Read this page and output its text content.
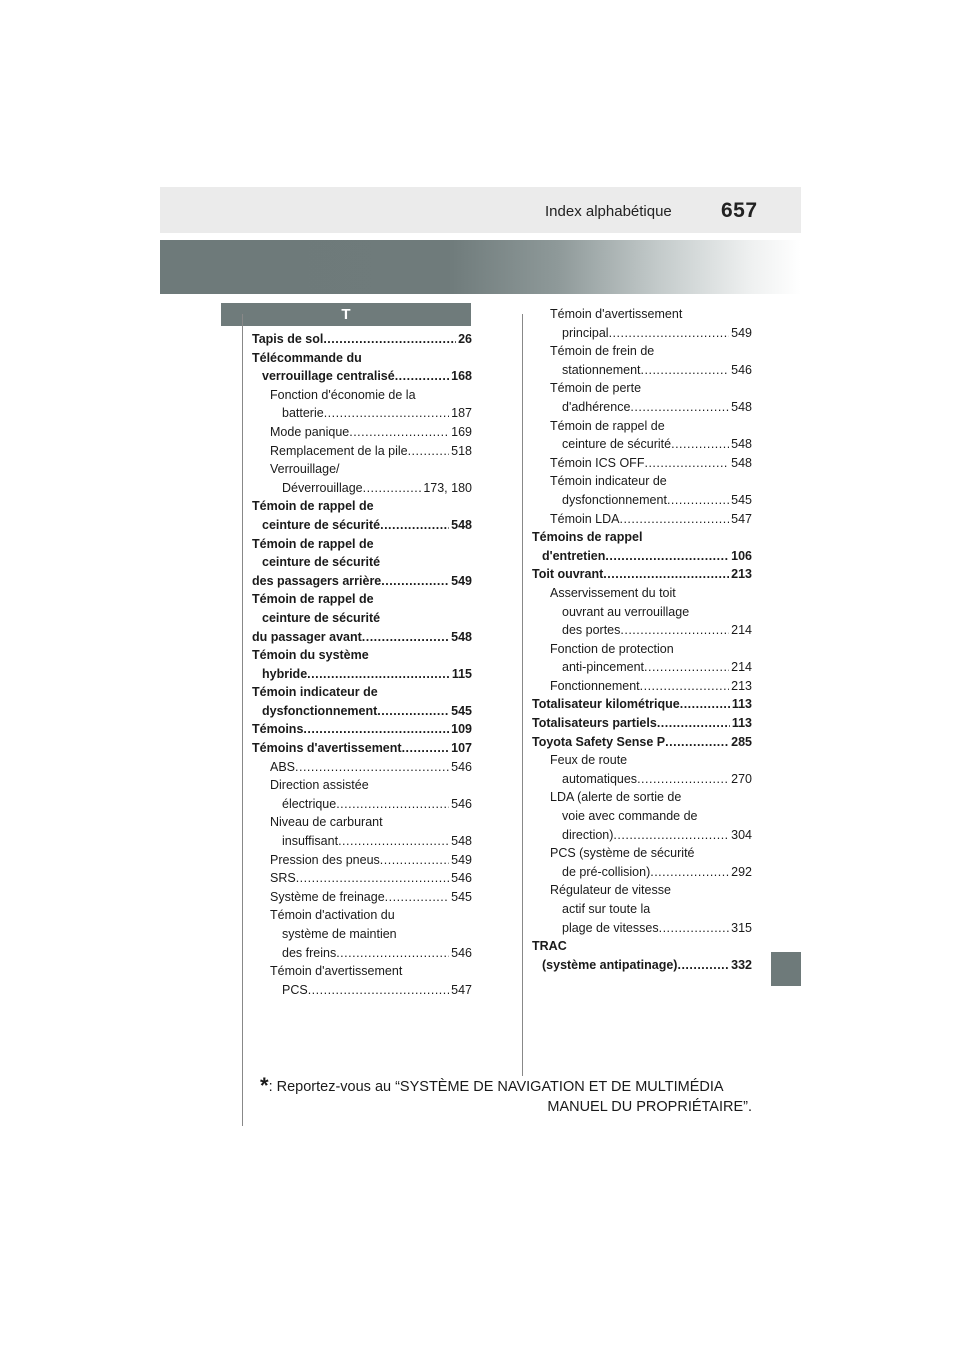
Index alphabétique 657
T
Tapis de sol .....	26
Télécommande du
verrouillage centralisé .....	168
Fonction d'économie de la
batterie .....	187
Mode panique .....	169
Remplacement de la pile .....	518
Verrouillage/
Déverrouillage .....	173, 180
Témoin de rappel de
ceinture de sécurité .....	548
Témoin de rappel de
ceinture de sécurité
des passagers arrière .....	549
Témoin de rappel de
ceinture de sécurité
du passager avant .....	548
Témoin du système
hybride .....	115
Témoin indicateur de
dysfonctionnement .....	545
Témoins .....	109
Témoins d'avertissement .....	107
ABS .....	546
Direction assistée
électrique .....	546
Niveau de carburant
insuffisant .....	548
Pression des pneus .....	549
SRS .....	546
Système de freinage .....	545
Témoin d'activation du
système de maintien
des freins .....	546
Témoin d'avertissement
PCS .....	547
Témoin d'avertissement
principal .....	549
Témoin de frein de
stationnement .....	546
Témoin de perte
d'adhérence .....	548
Témoin de rappel de
ceinture de sécurité .....	548
Témoin ICS OFF .....	548
Témoin indicateur de
dysfonctionnement .....	545
Témoin LDA .....	547
Témoins de rappel
d'entretien .....	106
Toit ouvrant .....	213
Asservissement du toit
ouvrant au verrouillage
des portes .....	214
Fonction de protection
anti-pincement .....	214
Fonctionnement .....	213
Totalisateur kilométrique .....	113
Totalisateurs partiels .....	113
Toyota Safety Sense P .....	285
Feux de route
automatiques .....	270
LDA (alerte de sortie de
voie avec commande de
direction) .....	304
PCS (système de sécurité
de pré-collision) .....	292
Régulateur de vitesse
actif sur toute la
plage de vitesses .....	315
TRAC
(système antipatinage) .....	332
*: Reportez-vous au “SYSTÈME DE NAVIGATION ET DE MULTIMÉDIA
MANUEL DU PROPRIÉTAIRE”.
